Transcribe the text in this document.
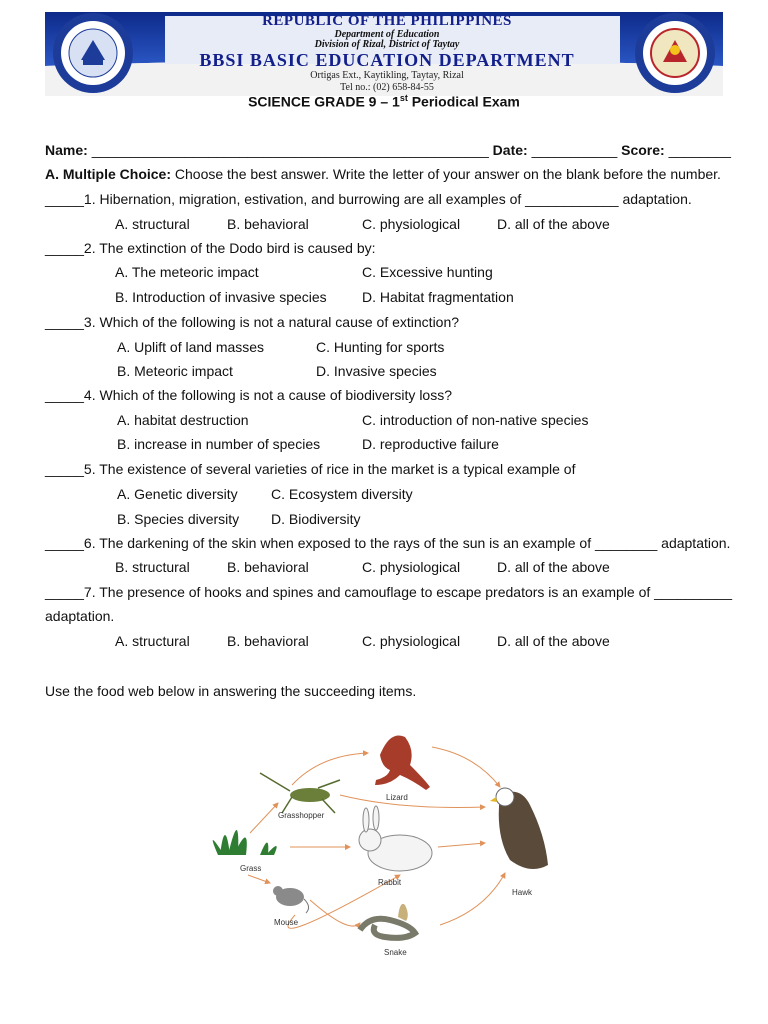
REPUBLIC OF THE PHILIPPINES
Department of Education
Division of Rizal, District of Taytay
BBSI BASIC EDUCATION DEPARTMENT
Ortigas Ext., Kaytikling, Taytay, Rizal
Tel no.: (02) 658-84-55
SCIENCE GRADE 9 – 1st Periodical Exam
Name: ___________________________________________________ Date: ___________ Score: ________
A. Multiple Choice: Choose the best answer. Write the letter of your answer on the blank before the number.
_____1. Hibernation, migration, estivation, and burrowing are all examples of ____________ adaptation.
A. structural	B. behavioral	C. physiological	D. all of the above
_____2. The extinction of the Dodo bird is caused by:
A. The meteoric impact	C. Excessive hunting
B. Introduction of invasive species	D. Habitat fragmentation
_____3. Which of the following is not a natural cause of extinction?
A. Uplift of land masses	C. Hunting for sports
B. Meteoric impact	D. Invasive species
_____4. Which of the following is not a cause of biodiversity loss?
A. habitat destruction	C. introduction of non-native species
B. increase in number of species	D. reproductive failure
_____5. The existence of several varieties of rice in the market is a typical example of
A. Genetic diversity C. Ecosystem diversity
B. Species diversity D. Biodiversity
_____6. The darkening of the skin when exposed to the rays of the sun is an example of ________ adaptation.
B. structural	B. behavioral	C. physiological	D. all of the above
_____7. The presence of hooks and spines and camouflage to escape predators is an example of __________
adaptation.
A. structural	B. behavioral	C. physiological	D. all of the above
Use the food web below in answering the succeeding items.
Lizard
Grasshopper
Grass
Rabbit
Hawk
Mouse
Snake
